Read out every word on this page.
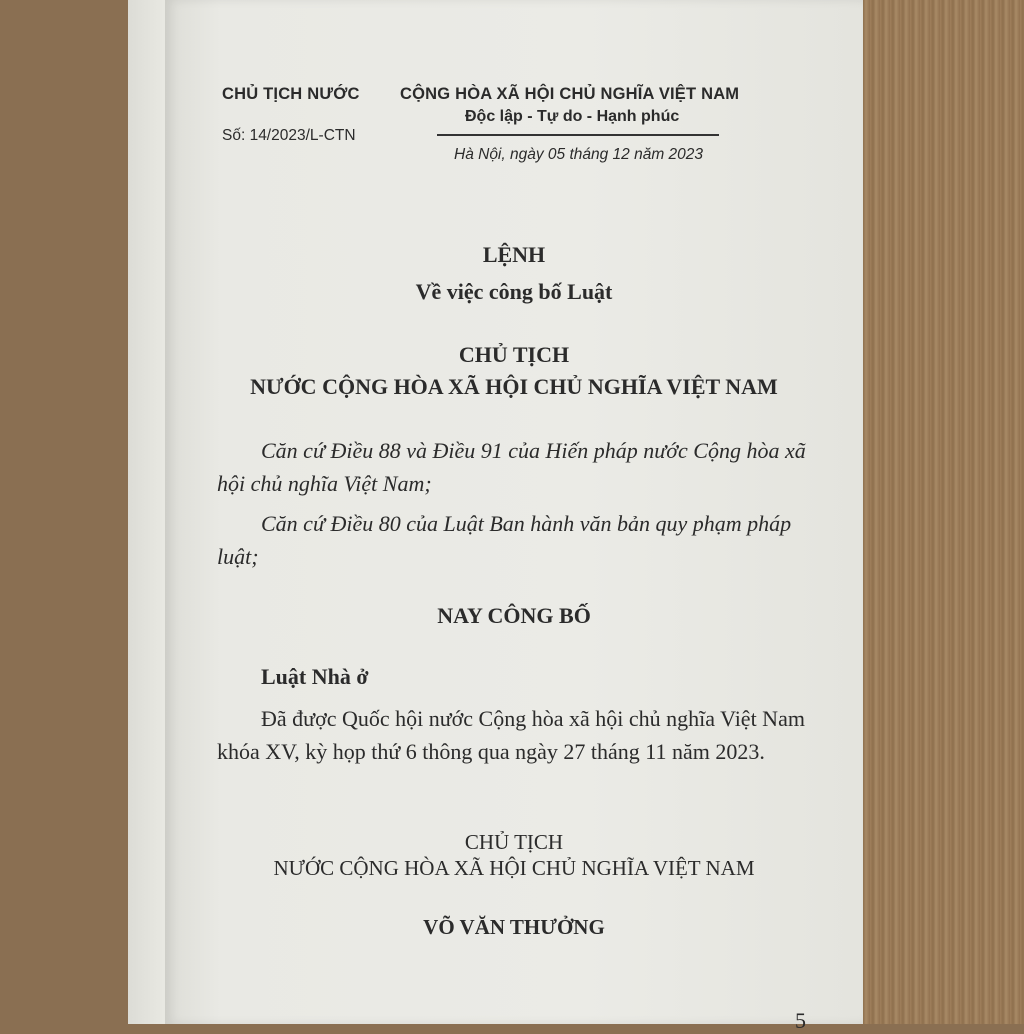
CHỦ TỊCH NƯỚC
Số: 14/2023/L-CTN
CỘNG HÒA XÃ HỘI CHỦ NGHĨA VIỆT NAM
Độc lập - Tự do - Hạnh phúc
Hà Nội, ngày 05 tháng 12 năm 2023
LỆNH
Về việc công bố Luật
CHỦ TỊCH
NƯỚC CỘNG HÒA XÃ HỘI CHỦ NGHĨA VIỆT NAM
Căn cứ Điều 88 và Điều 91 của Hiến pháp nước Cộng hòa xã hội chủ nghĩa Việt Nam;
Căn cứ Điều 80 của Luật Ban hành văn bản quy phạm pháp luật;
NAY CÔNG BỐ
Luật Nhà ở
Đã được Quốc hội nước Cộng hòa xã hội chủ nghĩa Việt Nam khóa XV, kỳ họp thứ 6 thông qua ngày 27 tháng 11 năm 2023.
CHỦ TỊCH
NƯỚC CỘNG HÒA XÃ HỘI CHỦ NGHĨA VIỆT NAM
VÕ VĂN THƯỞNG
5
